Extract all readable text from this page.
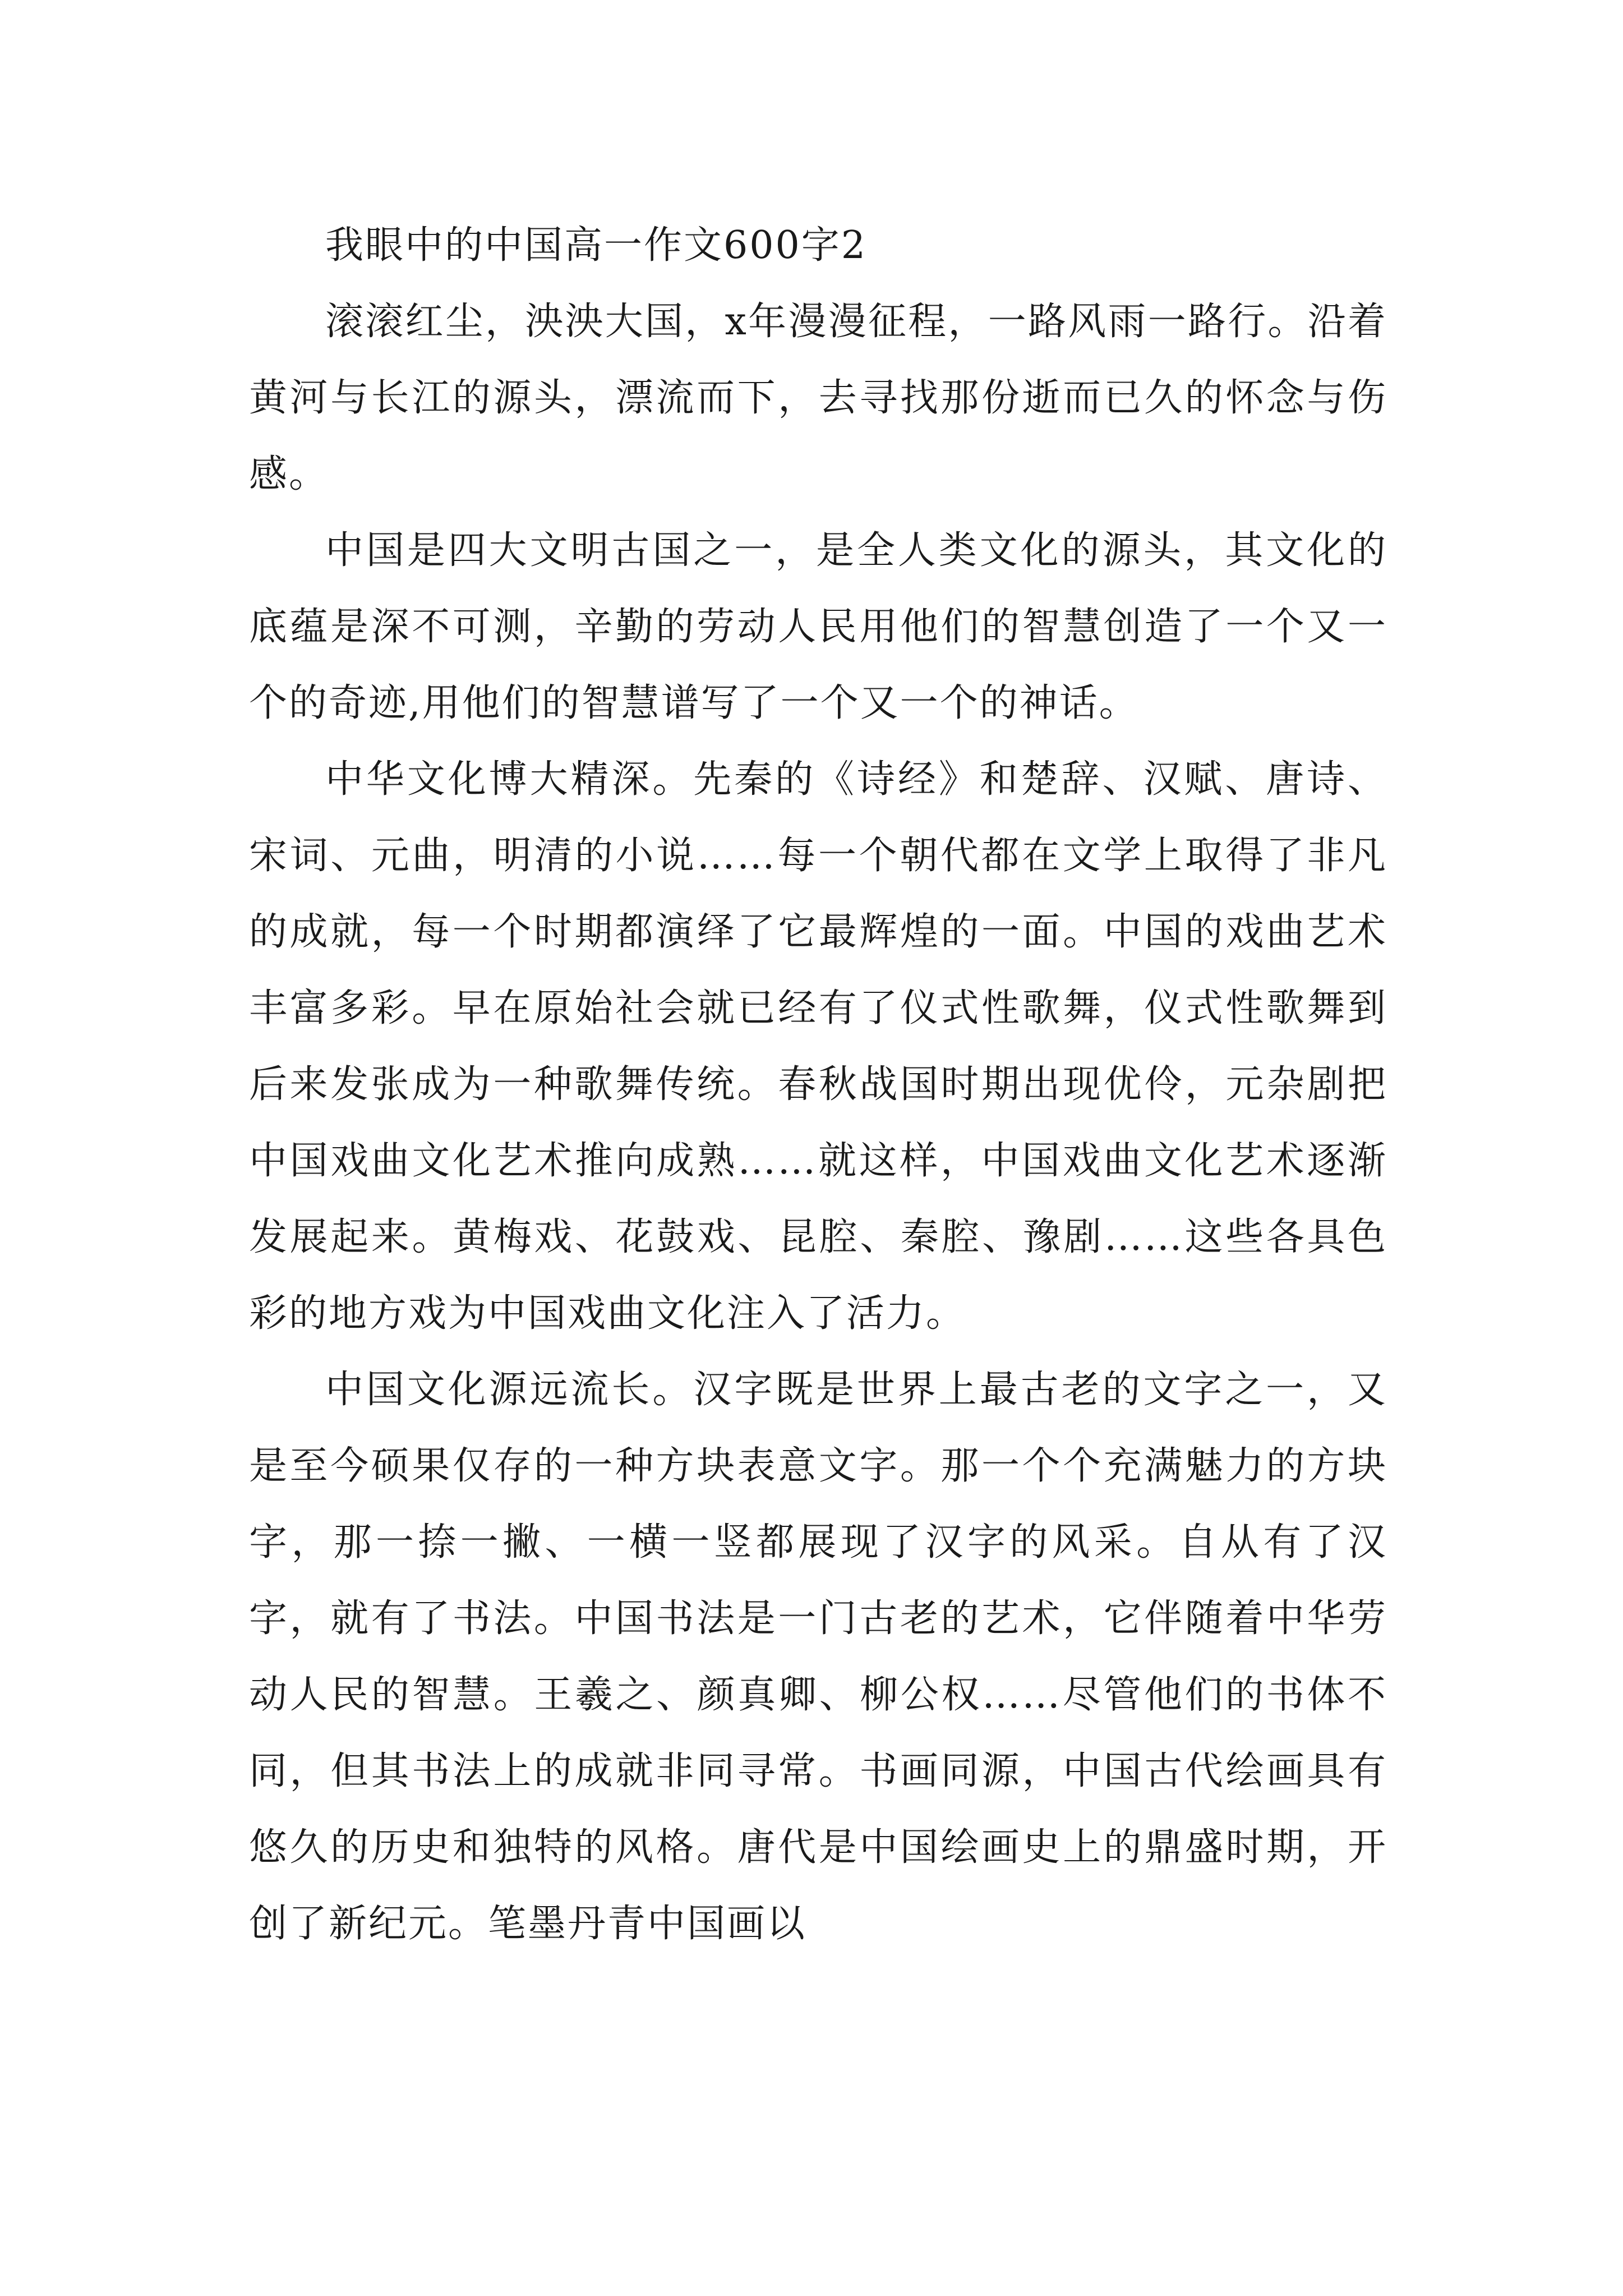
我眼中的中国高一作文600字2

滚滚红尘，泱泱大国，x年漫漫征程，一路风雨一路行。沿着黄河与长江的源头，漂流而下，去寻找那份逝而已久的怀念与伤感。

中国是四大文明古国之一，是全人类文化的源头，其文化的底蕴是深不可测，辛勤的劳动人民用他们的智慧创造了一个又一个的奇迹,用他们的智慧谱写了一个又一个的神话。

中华文化博大精深。先秦的《诗经》和楚辞、汉赋、唐诗、宋词、元曲，明清的小说……每一个朝代都在文学上取得了非凡的成就，每一个时期都演绎了它最辉煌的一面。中国的戏曲艺术丰富多彩。早在原始社会就已经有了仪式性歌舞，仪式性歌舞到后来发张成为一种歌舞传统。春秋战国时期出现优伶，元杂剧把中国戏曲文化艺术推向成熟……就这样，中国戏曲文化艺术逐渐发展起来。黄梅戏、花鼓戏、昆腔、秦腔、豫剧……这些各具色彩的地方戏为中国戏曲文化注入了活力。

中国文化源远流长。汉字既是世界上最古老的文字之一，又是至今硕果仅存的一种方块表意文字。那一个个充满魅力的方块字，那一捺一撇、一横一竖都展现了汉字的风采。自从有了汉字，就有了书法。中国书法是一门古老的艺术，它伴随着中华劳动人民的智慧。王羲之、颜真卿、柳公权……尽管他们的书体不同，但其书法上的成就非同寻常。书画同源，中国古代绘画具有悠久的历史和独特的风格。唐代是中国绘画史上的鼎盛时期，开创了新纪元。笔墨丹青中国画以
